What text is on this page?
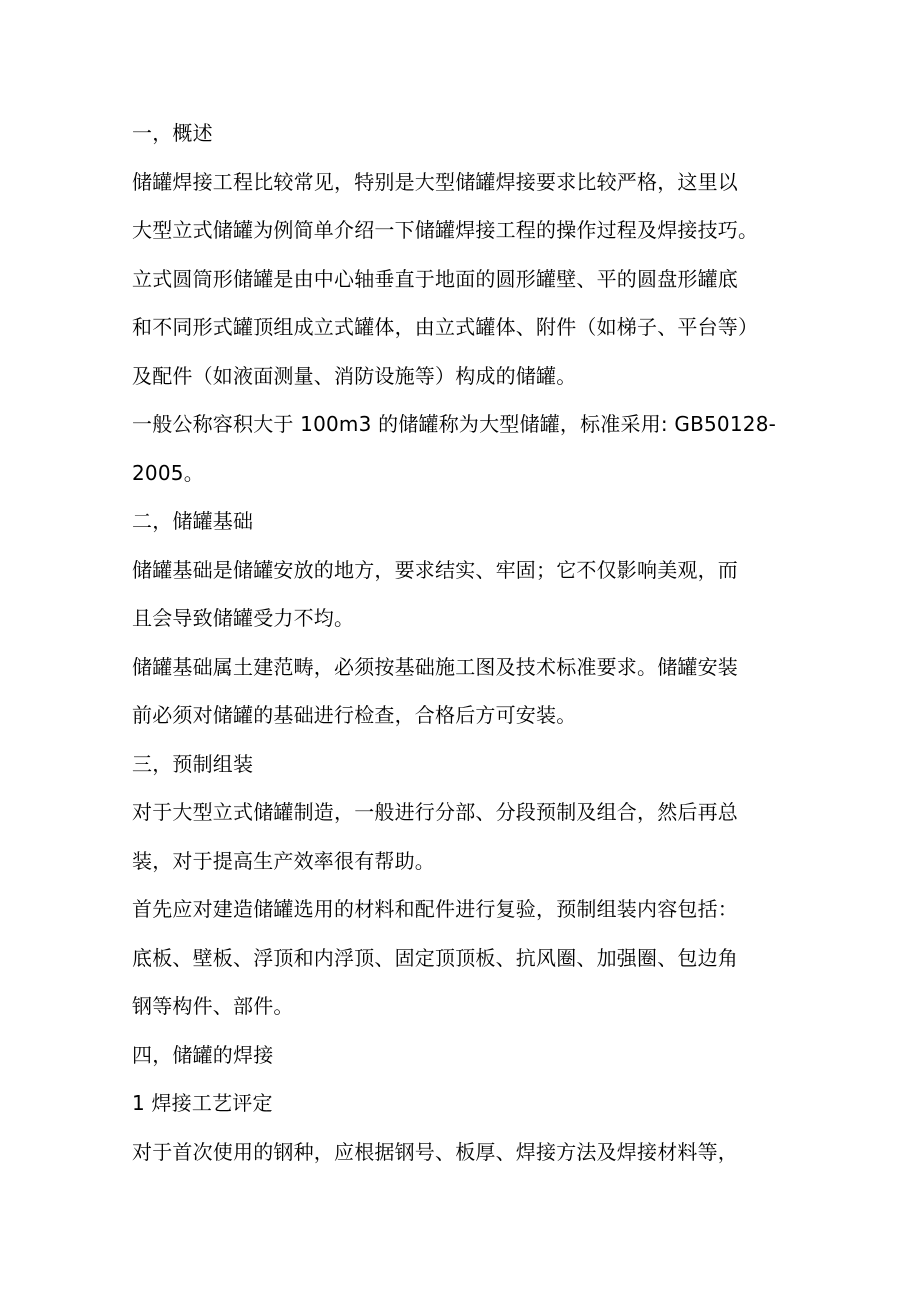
一，概述
储罐焊接工程比较常见，特别是大型储罐焊接要求比较严格，这里以
大型立式储罐为例简单介绍一下储罐焊接工程的操作过程及焊接技巧。
立式圆筒形储罐是由中心轴垂直于地面的圆形罐壁、平的圆盘形罐底
和不同形式罐顶组成立式罐体，由立式罐体、附件（如梯子、平台等）
及配件（如液面测量、消防设施等）构成的储罐。
一般公称容积大于 100m3 的储罐称为大型储罐，标准采用: GB50128-
2005。
二，储罐基础
储罐基础是储罐安放的地方，要求结实、牢固；它不仅影响美观，而
且会导致储罐受力不均。
储罐基础属土建范畴，必须按基础施工图及技术标准要求。储罐安装
前必须对储罐的基础进行检查，合格后方可安装。
三，预制组装
对于大型立式储罐制造，一般进行分部、分段预制及组合，然后再总
装，对于提高生产效率很有帮助。
首先应对建造储罐选用的材料和配件进行复验，预制组装内容包括：
底板、壁板、浮顶和内浮顶、固定顶顶板、抗风圈、加强圈、包边角
钢等构件、部件。
四，储罐的焊接
1 焊接工艺评定
对于首次使用的钢种，应根据钢号、板厚、焊接方法及焊接材料等，
